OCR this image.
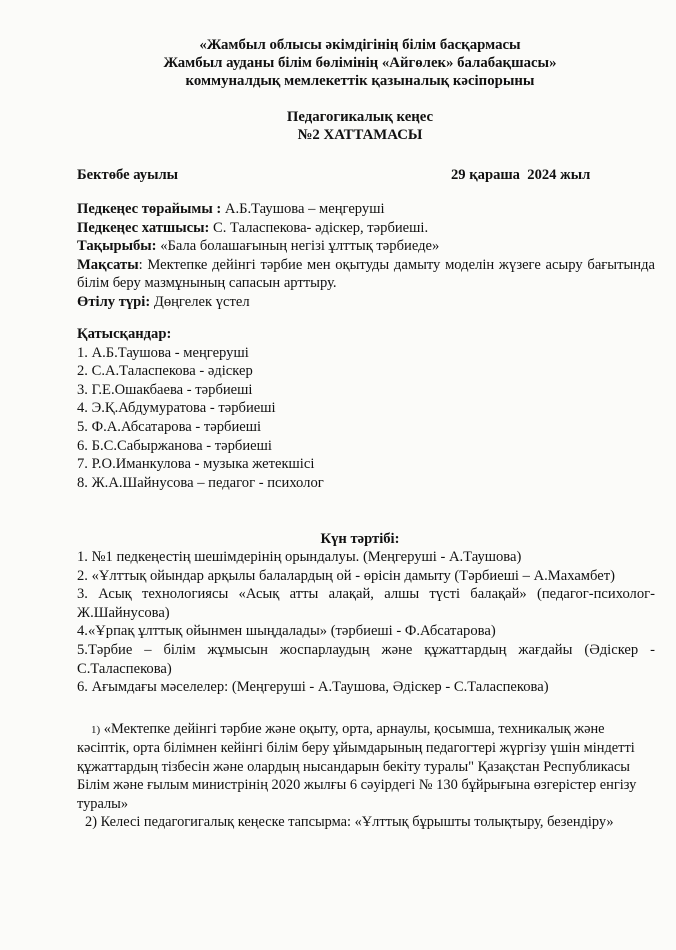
«Жамбыл облысы әкімдігінің білім басқармасы
Жамбыл ауданы білім бөлімінің «Айгөлек» балабақшасы»
коммуналдық мемлекеттік қазыналық кәсіпорыны
Педагогикалық кеңес
№2 ХАТТАМАСЫ
Бектөбе ауылы	29 қараша  2024 жыл

Педкеңес төрайымы : А.Б.Таушова – меңгеруші

Педкеңес хатшысы: С. Таласпекова- әдіскер, тәрбиеші.

Тақырыбы: «Бала болашағының негізі ұлттық тәрбиеде»

Мақсаты: Мектепке дейінгі тәрбие мен оқытуды дамыту моделін жүзеге асыру бағытында білім беру мазмұнының сапасын арттыру.

Өтілу түрі: Дөңгелек үстел

Қатысқандар:

1. А.Б.Таушова - меңгеруші

2. С.А.Таласпекова - әдіскер

3. Г.Е.Ошакбаева - тәрбиеші

4. Э.Қ.Абдумуратова - тәрбиеші

5. Ф.А.Абсатарова - тәрбиеші

6. Б.С.Сабыржанова - тәрбиеші

7. Р.О.Иманкулова - музыка жетекшісі

8. Ж.А.Шайнусова – педагог - психолог

Күн тәртібі:

1. №1 педкеңестің шешімдерінің орындалуы. (Меңгеруші - А.Таушова)

2. «Ұлттық ойындар арқылы балалардың ой - өрісін дамыту (Тәрбиеші – А.Махамбет)

3. Асық технологиясы «Асық атты алақай, алшы түсті балақай» (педагог-психолог-Ж.Шайнусова)

4.«Ұрпақ ұлттық ойынмен шыңдалады» (тәрбиеші - Ф.Абсатарова)

5.Тәрбие – білім жұмысын жоспарлаудың және құжаттардың жағдайы (Әдіскер - С.Таласпекова)

6. Ағымдағы мәселелер: (Меңгеруші - А.Таушова, Әдіскер - С.Таласпекова)

1) «Мектепке дейінгі тәрбие және оқыту, орта, арнаулы, қосымша, техникалық және кәсіптік, орта білімнен кейінгі білім беру ұйымдарының педагогтері жүргізу үшін міндетті құжаттардың тізбесін және олардың нысандарын бекіту туралы" Қазақстан Республикасы Білім және ғылым министрінің 2020 жылғы 6 сәуірдегі № 130 бұйрығына өзгерістер енгізу туралы»

2) Келесі педагогигалық кеңеске тапсырма: «Ұлттық бұрышты толықтыру, безендіру»
